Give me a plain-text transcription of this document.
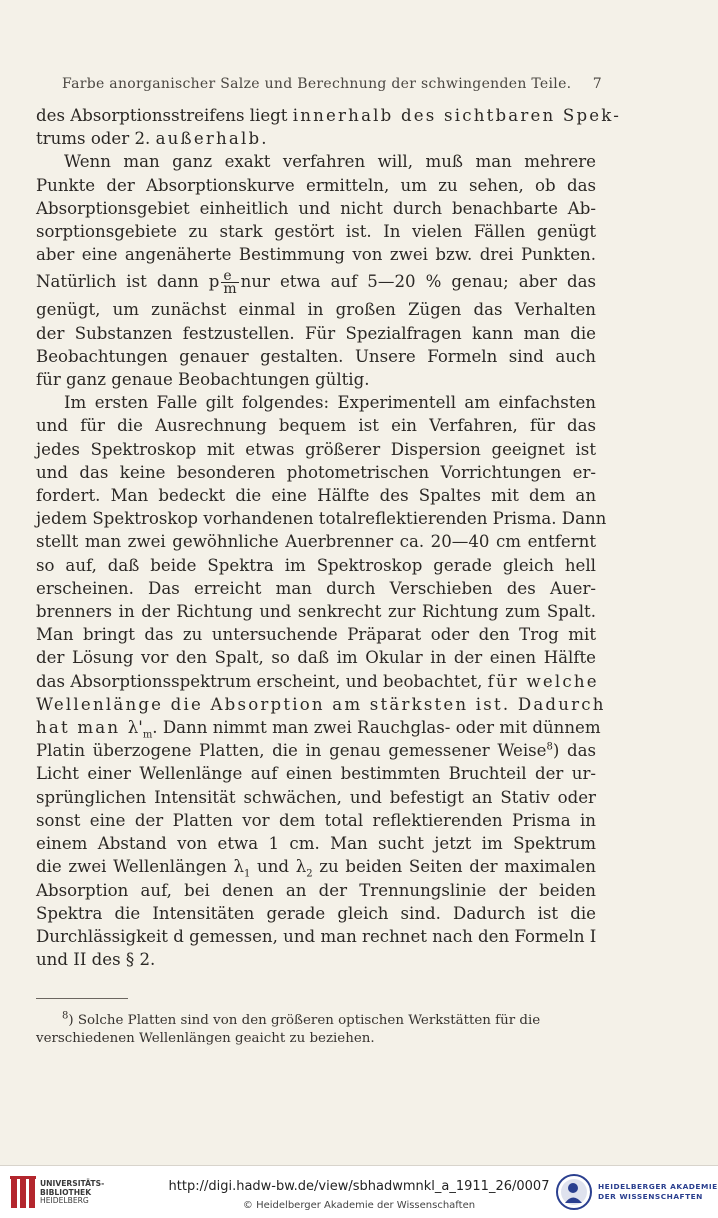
Farbe anorganischer Salze und Berechnung der schwingenden Teile. 7
des Absorptionsstreifens liegt innerhalb des sichtbaren Spek-
trums oder 2. außerhalb.
Wenn man ganz exakt verfahren will, muß man mehrere
Punkte der Absorptionskurve ermitteln, um zu sehen, ob das
Absorptionsgebiet einheitlich und nicht durch benachbarte Ab-
sorptionsgebiete zu stark gestört ist. In vielen Fällen genügt
aber eine angenäherte Bestimmung von zwei bzw. drei Punkten.
Natürlich ist dann p $\frac{e}{m}$ nur etwa auf 5—20 % genau; aber das
genügt, um zunächst einmal in großen Zügen das Verhalten
der Substanzen festzustellen. Für Spezialfragen kann man die
Beobachtungen genauer gestalten. Unsere Formeln sind auch
für ganz genaue Beobachtungen gültig.
Im ersten Falle gilt folgendes: Experimentell am einfachsten
und für die Ausrechnung bequem ist ein Verfahren, für das
jedes Spektroskop mit etwas größerer Dispersion geeignet ist
und das keine besonderen photometrischen Vorrichtungen er-
fordert. Man bedeckt die eine Hälfte des Spaltes mit dem an
jedem Spektroskop vorhandenen totalreflektierenden Prisma. Dann
stellt man zwei gewöhnliche Auerbrenner ca. 20—40 cm entfernt
so auf, daß beide Spektra im Spektroskop gerade gleich hell
erscheinen. Das erreicht man durch Verschieben des Auer-
brenners in der Richtung und senkrecht zur Richtung zum Spalt.
Man bringt das zu untersuchende Präparat oder den Trog mit
der Lösung vor den Spalt, so daß im Okular in der einen Hälfte
das Absorptionsspektrum erscheint, und beobachtet, für welche
Wellenlänge die Absorption am stärksten ist. Dadurch
hat man $\lambda'_m$. Dann nimmt man zwei Rauchglas- oder mit dünnem
Platin überzogene Platten, die in genau gemessener Weise$^8$) das
Licht einer Wellenlänge auf einen bestimmten Bruchteil der ur-
sprünglichen Intensität schwächen, und befestigt an Stativ oder
sonst eine der Platten vor dem total reflektierenden Prisma in
einem Abstand von etwa 1 cm. Man sucht jetzt im Spektrum
die zwei Wellenlängen $\lambda_1$ und $\lambda_2$ zu beiden Seiten der maximalen
Absorption auf, bei denen an der Trennungslinie der beiden
Spektra die Intensitäten gerade gleich sind. Dadurch ist die
Durchlässigkeit d gemessen, und man rechnet nach den Formeln I
und II des § 2.
$^8$) Solche Platten sind von den größeren optischen Werkstätten für die
verschiedenen Wellenlängen geaicht zu beziehen.
UNIVERSITÄTS-
BIBLIOTHEK
HEIDELBERG
http://digi.hadw-bw.de/view/sbhadwmnkl_a_1911_26/0007
© Heidelberger Akademie der Wissenschaften
HEIDELBERGER AKADEMIE
DER WISSENSCHAFTEN
